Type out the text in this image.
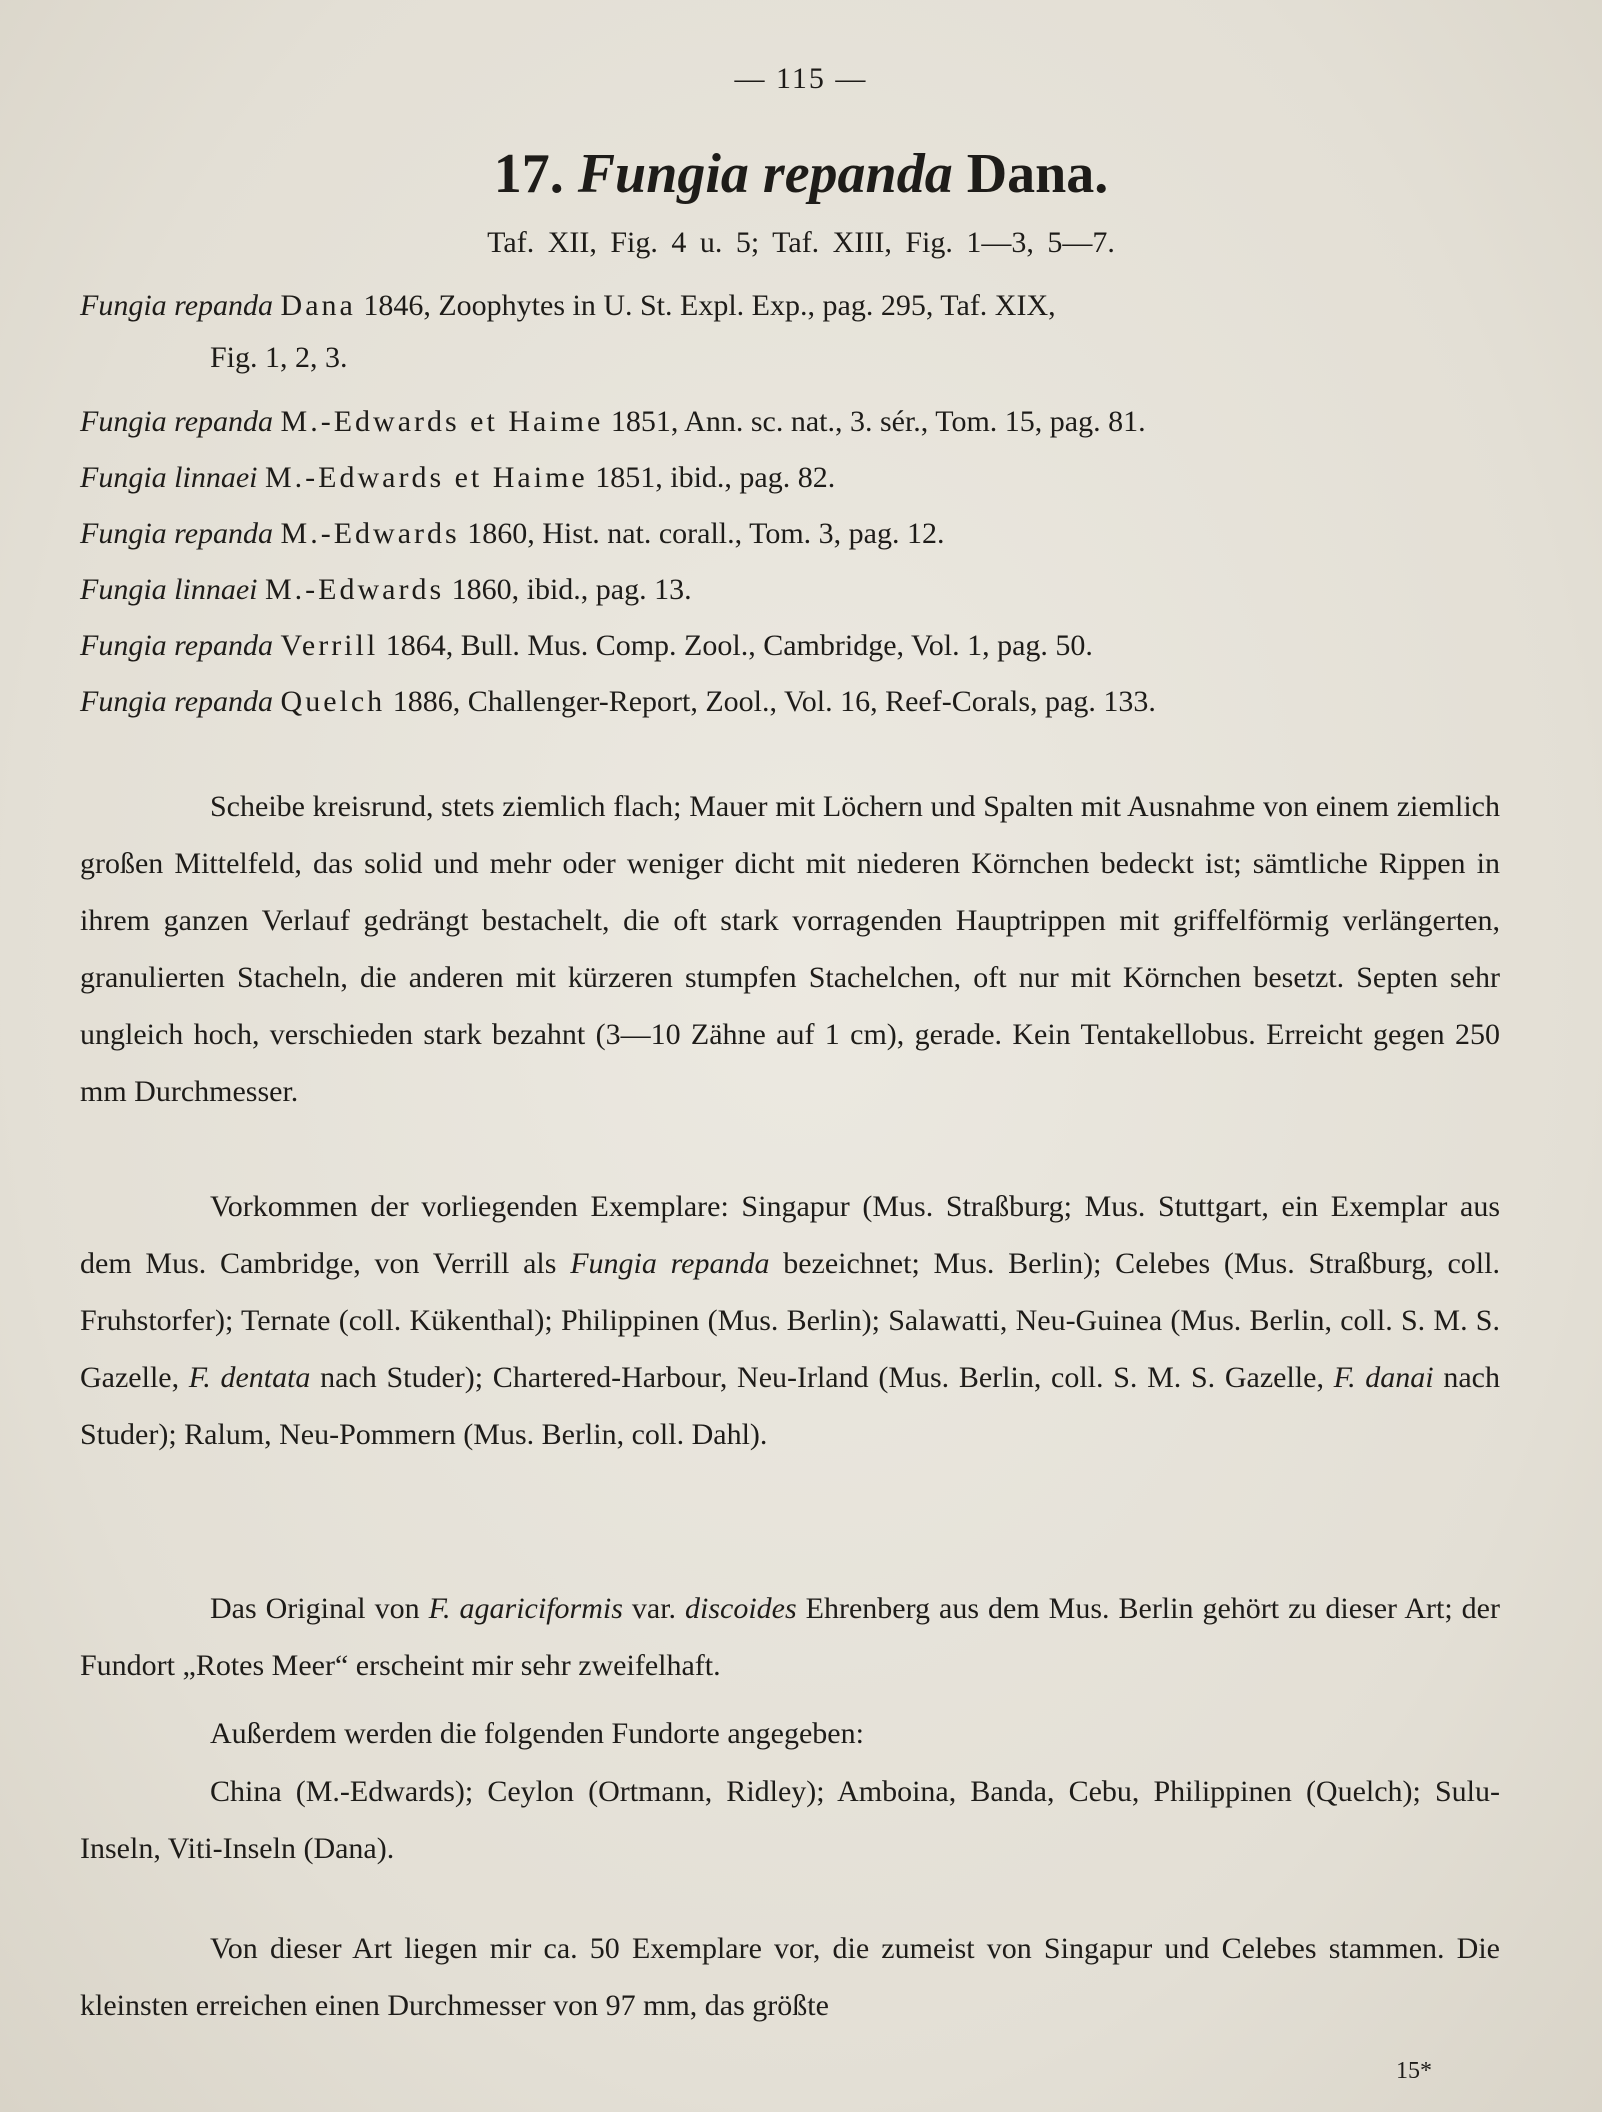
— 115 —
17. Fungia repanda Dana.
Taf. XII, Fig. 4 u. 5; Taf. XIII, Fig. 1—3, 5—7.
Fungia repanda Dana 1846, Zoophytes in U. St. Expl. Exp., pag. 295, Taf. XIX,
Fig. 1, 2, 3.
Fungia repanda M.-Edwards et Haime 1851, Ann. sc. nat., 3. sér., Tom. 15, pag. 81.
Fungia linnaei M.-Edwards et Haime 1851, ibid., pag. 82.
Fungia repanda M.-Edwards 1860, Hist. nat. corall., Tom. 3, pag. 12.
Fungia linnaei M.-Edwards 1860, ibid., pag. 13.
Fungia repanda Verrill 1864, Bull. Mus. Comp. Zool., Cambridge, Vol. 1, pag. 50.
Fungia repanda Quelch 1886, Challenger-Report, Zool., Vol. 16, Reef-Corals, pag. 133.
Scheibe kreisrund, stets ziemlich flach; Mauer mit Löchern und Spalten mit Ausnahme von einem ziemlich großen Mittelfeld, das solid und mehr oder weniger dicht mit niederen Körnchen bedeckt ist; sämtliche Rippen in ihrem ganzen Verlauf gedrängt bestachelt, die oft stark vorragenden Hauptrippen mit griffelförmig verlängerten, granulierten Stacheln, die anderen mit kürzeren stumpfen Stachelchen, oft nur mit Körnchen besetzt. Septen sehr ungleich hoch, verschieden stark bezahnt (3—10 Zähne auf 1 cm), gerade. Kein Tentakellobus. Erreicht gegen 250 mm Durchmesser.
Vorkommen der vorliegenden Exemplare: Singapur (Mus. Straßburg; Mus. Stuttgart, ein Exemplar aus dem Mus. Cambridge, von Verrill als Fungia repanda bezeichnet; Mus. Berlin); Celebes (Mus. Straßburg, coll. Fruhstorfer); Ternate (coll. Kükenthal); Philippinen (Mus. Berlin); Salawatti, Neu-Guinea (Mus. Berlin, coll. S. M. S. Gazelle, F. dentata nach Studer); Chartered-Harbour, Neu-Irland (Mus. Berlin, coll. S. M. S. Gazelle, F. danai nach Studer); Ralum, Neu-Pommern (Mus. Berlin, coll. Dahl).
Das Original von F. agariciformis var. discoides Ehrenberg aus dem Mus. Berlin gehört zu dieser Art; der Fundort „Rotes Meer“ erscheint mir sehr zweifelhaft.
Außerdem werden die folgenden Fundorte angegeben:
China (M.-Edwards); Ceylon (Ortmann, Ridley); Amboina, Banda, Cebu, Philippinen (Quelch); Sulu-Inseln, Viti-Inseln (Dana).
Von dieser Art liegen mir ca. 50 Exemplare vor, die zumeist von Singapur und Celebes stammen. Die kleinsten erreichen einen Durchmesser von 97 mm, das größte
15*
